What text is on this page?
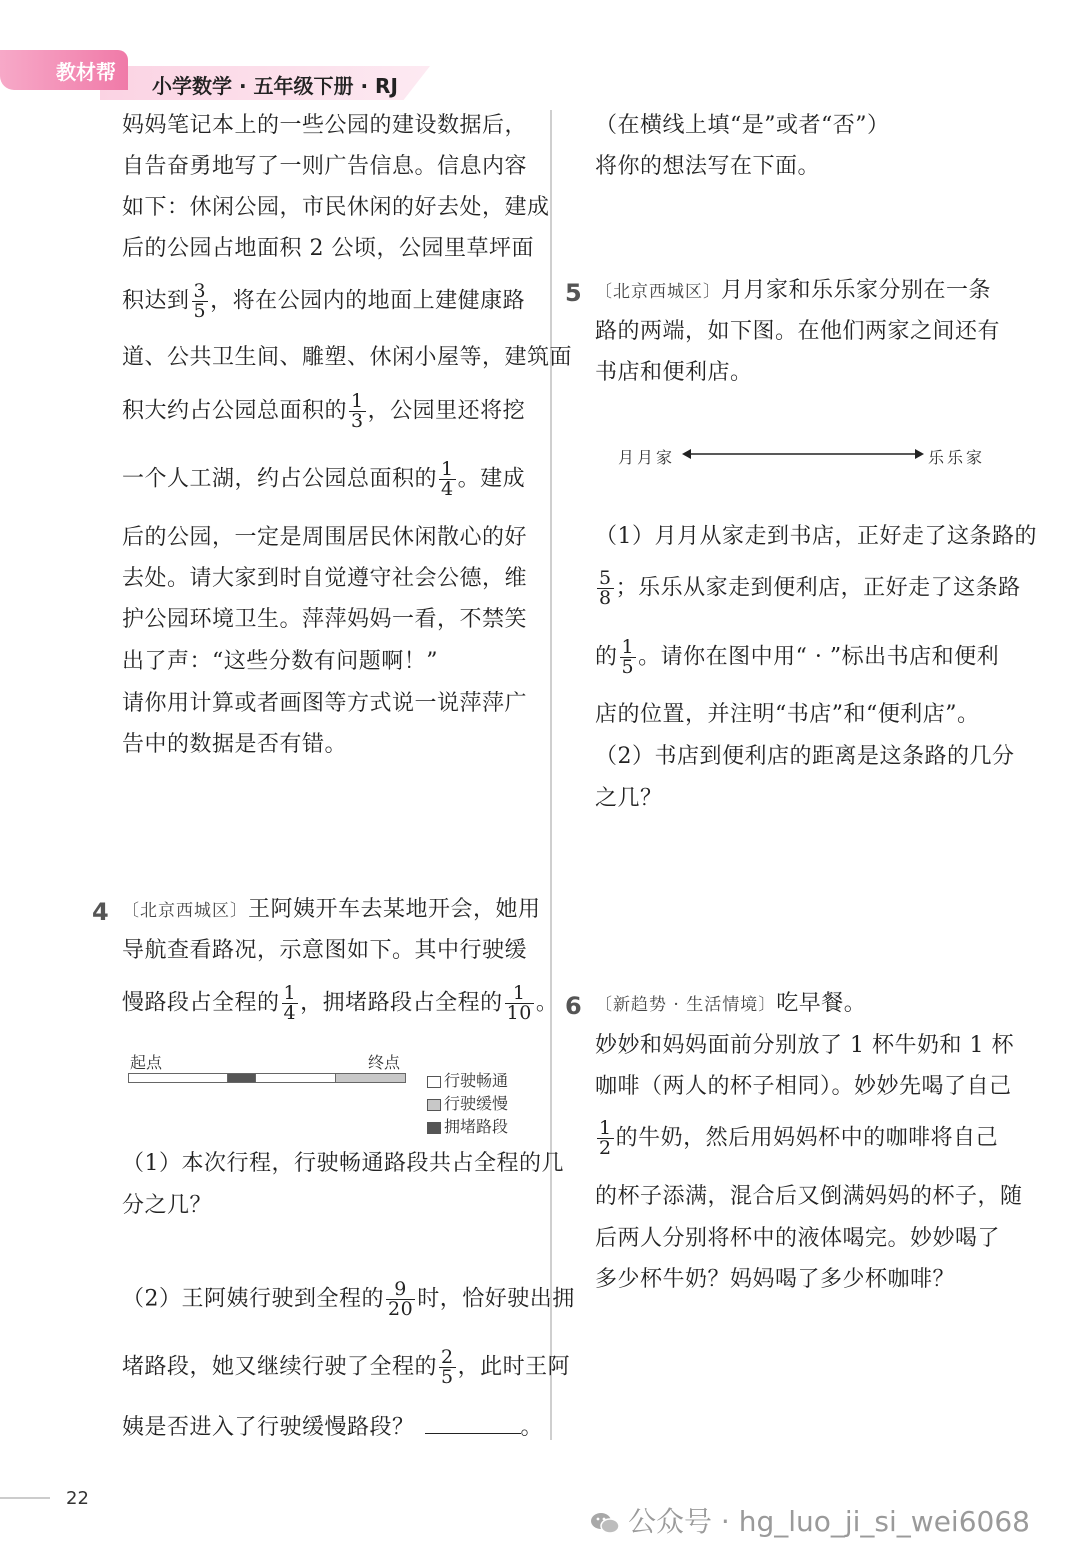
教材帮
小学数学 · 五年级下册 · RJ
妈妈笔记本上的一些公园的建设数据后，
自告奋勇地写了一则广告信息。信息内容
如下：休闲公园，市民休闲的好去处，建成
后的公园占地面积 2 公顷，公园里草坪面
积达到 $\frac{3}{5}$ ，将在公园内的地面上建健康路
道、公共卫生间、雕塑、休闲小屋等，建筑面
积大约占公园总面积的 $\frac{1}{3}$ ，公园里还将挖
一个人工湖，约占公园总面积的 $\frac{1}{4}$ 。建成
后的公园，一定是周围居民休闲散心的好
去处。请大家到时自觉遵守社会公德，维
护公园环境卫生。萍萍妈妈一看，不禁笑
出了声：“这些分数有问题啊！”
请你用计算或者画图等方式说一说萍萍广
告中的数据是否有错。
4 〔北京西城区〕王阿姨开车去某地开会，她用
导航查看路况，示意图如下。其中行驶缓
慢路段占全程的 $\frac{1}{4}$ ，拥堵路段占全程的 $\frac{1}{10}$ 。
起点	终点
行驶畅通
行驶缓慢
拥堵路段
（1）本次行程，行驶畅通路段共占全程的几
分之几？
（2）王阿姨行驶到全程的 $\frac{9}{20}$ 时，恰好驶出拥
堵路段，她又继续行驶了全程的 $\frac{2}{5}$ ，此时王阿
姨是否进入了行驶缓慢路段？	。
（在横线上填“是”或者“否”）
将你的想法写在下面。
5 〔北京西城区〕月月家和乐乐家分别在一条
路的两端，如下图。在他们两家之间还有
书店和便利店。
月月家	乐乐家
（1）月月从家走到书店，正好走了这条路的
$\frac{5}{8}$ ；乐乐从家走到便利店，正好走了这条路
的 $\frac{1}{5}$ 。请你在图中用“ · ”标出书店和便利
店的位置，并注明“书店”和“便利店”。
（2）书店到便利店的距离是这条路的几分
之几？
6 〔新趋势 · 生活情境〕吃早餐。
妙妙和妈妈面前分别放了 1 杯牛奶和 1 杯
咖啡（两人的杯子相同）。妙妙先喝了自己
$\frac{1}{2}$ 的牛奶，然后用妈妈杯中的咖啡将自己
的杯子添满，混合后又倒满妈妈的杯子，随
后两人分别将杯中的液体喝完。妙妙喝了
多少杯牛奶？妈妈喝了多少杯咖啡？
22
公众号 · hg_luo_ji_si_wei6068
